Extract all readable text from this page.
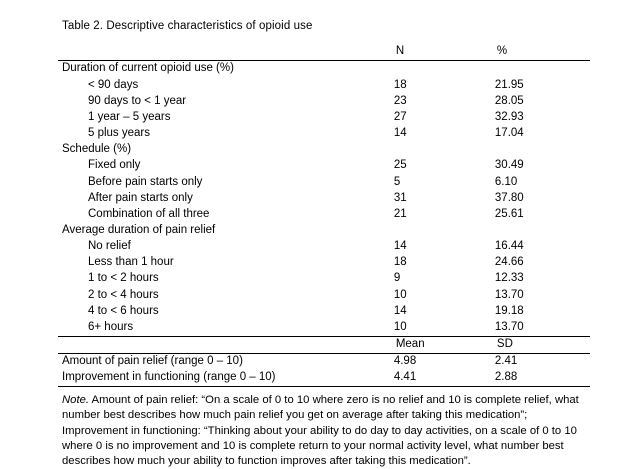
Table 2. Descriptive characteristics of opioid use
	N	%
Duration of current opioid use (%)		
< 90 days	18	21.95
90 days to < 1 year	23	28.05
1 year – 5 years	27	32.93
5 plus years	14	17.04
Schedule (%)		
Fixed only	25	30.49
Before pain starts only	5	6.10
After pain starts only	31	37.80
Combination of all three	21	25.61
Average duration of pain relief		
No relief	14	16.44
Less than 1 hour	18	24.66
1 to < 2 hours	9	12.33
2 to < 4 hours	10	13.70
4 to < 6 hours	14	19.18
6+ hours	10	13.70
	Mean	SD
Amount of pain relief (range 0 – 10)	4.98	2.41
Improvement in functioning (range 0 – 10)	4.41	2.88
Note. Amount of pain relief: “On a scale of 0 to 10 where zero is no relief and 10 is complete relief, what number best describes how much pain relief you get on average after taking this medication”;
Improvement in functioning: “Thinking about your ability to do day to day activities, on a scale of 0 to 10 where 0 is no improvement and 10 is complete return to your normal activity level, what number best describes how much your ability to function improves after taking this medication”.
